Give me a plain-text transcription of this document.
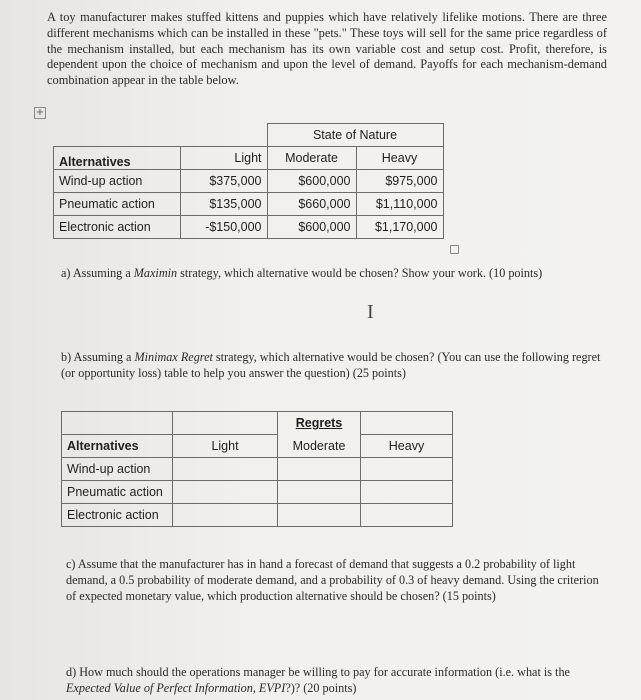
A toy manufacturer makes stuffed kittens and puppies which have relatively lifelike motions. There are three different mechanisms which can be installed in these "pets." These toys will sell for the same price regardless of the mechanism installed, but each mechanism has its own variable cost and setup cost. Profit, therefore, is dependent upon the choice of mechanism and upon the level of demand. Payoffs for each mechanism-demand combination appear in the table below.

+
		State of Nature		
Alternatives	Light	Moderate	Heavy	
Wind-up action	$375,000	$600,000	$975,000	
Pneumatic action	$135,000	$660,000	$1,110,000	
Electronic action	-$150,000	$600,000	$1,170,000	

a) Assuming a Maximin strategy, which alternative would be chosen? Show your work. (10 points)

I

b) Assuming a Minimax Regret strategy, which alternative would be chosen? (You can use the following regret (or opportunity loss) table to help you answer the question) (25 points)

		Regrets	
Alternatives	Light	Moderate	Heavy
Wind-up action			
Pneumatic action			
Electronic action			

c) Assume that the manufacturer has in hand a forecast of demand that suggests a 0.2 probability of light demand, a 0.5 probability of moderate demand, and a probability of 0.3 of heavy demand. Using the criterion of expected monetary value, which production alternative should be chosen? (15 points)

d) How much should the operations manager be willing to pay for accurate information (i.e. what is the Expected Value of Perfect Information, EVPI?)? (20 points)
